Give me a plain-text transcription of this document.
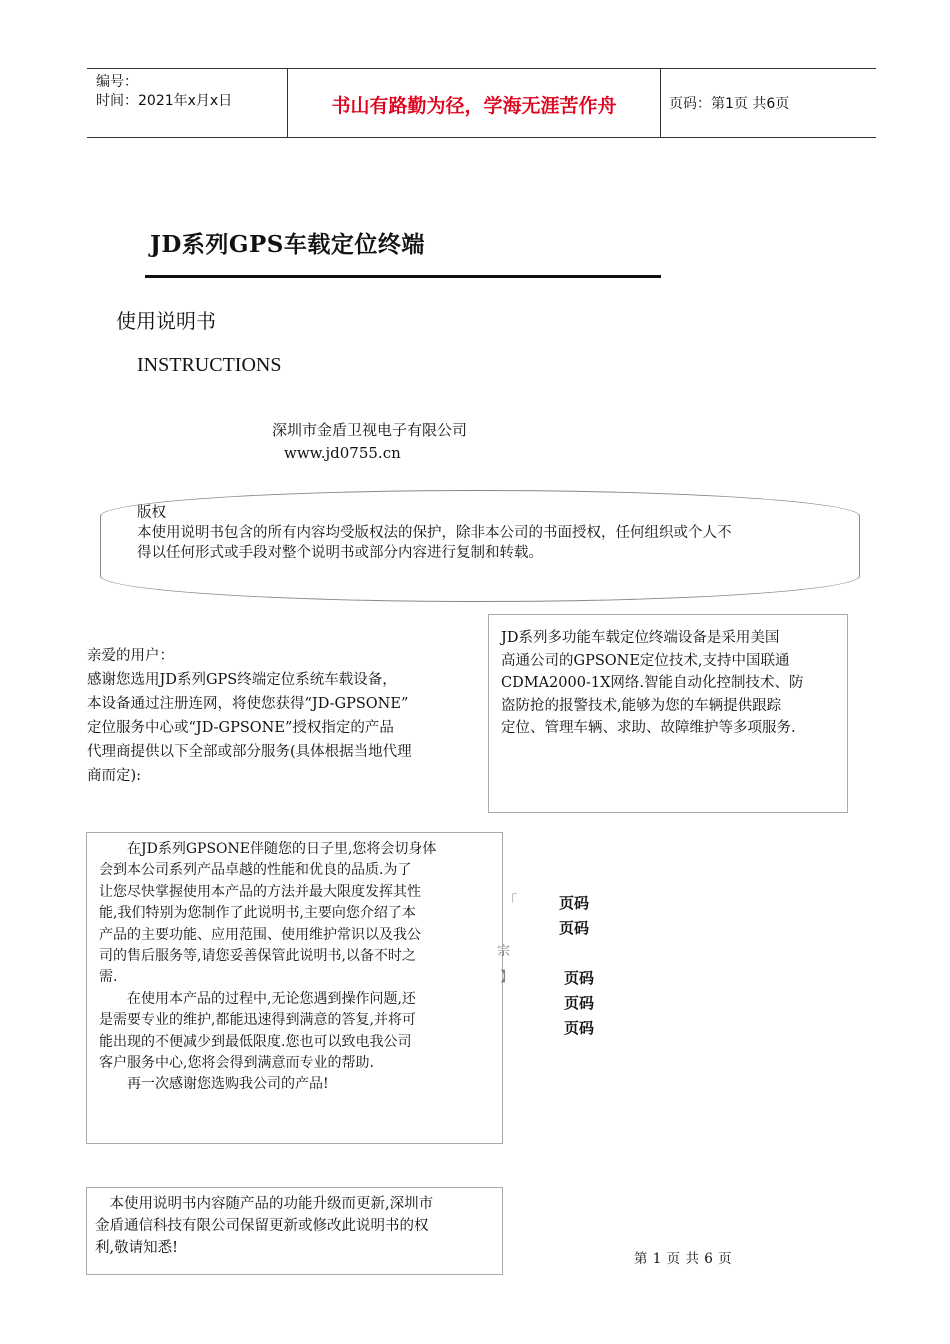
编号：
时间：2021年x月x日	书山有路勤为径，学海无涯苦作舟	页码：第1页 共6页
JD系列GPS车载定位终端
使用说明书
INSTRUCTIONS
深圳市金盾卫视电子有限公司
www.jd0755.cn
版权
本使用说明书包含的所有内容均受版权法的保护，除非本公司的书面授权，任何组织或个人不
得以任何形式或手段对整个说明书或部分内容进行复制和转载。
亲爱的用户：
感谢您选用JD系列GPS终端定位系统车载设备，
本设备通过注册连网，将使您获得“JD-GPSONE”
定位服务中心或“JD-GPSONE”授权指定的产品
代理商提供以下全部或部分服务(具体根据当地代理
商而定):
JD系列多功能车载定位终端设备是采用美国
高通公司的GPSONE定位技术,支持中国联通
CDMA2000-1X网络.智能自动化控制技术、防
盗防抢的报警技术,能够为您的车辆提供跟踪
定位、管理车辆、求助、故障维护等多项服务.
　　在JD系列GPSONE伴随您的日子里,您将会切身体
会到本公司系列产品卓越的性能和优良的品质.为了
让您尽快掌握使用本产品的方法并最大限度发挥其性
能,我们特别为您制作了此说明书,主要向您介绍了本
产品的主要功能、应用范围、使用维护常识以及我公
司的售后服务等,请您妥善保管此说明书,以备不时之
需.
　　在使用本产品的过程中,无论您遇到操作问题,还
是需要专业的维护,都能迅速得到满意的答复,并将可
能出现的不便减少到最低限度.您也可以致电我公司
客户服务中心,您将会得到满意而专业的帮助.
　　再一次感谢您选购我公司的产品!
「
宗
】
页码
页码
页码
页码
页码
　本使用说明书内容随产品的功能升级而更新,深圳市
金盾通信科技有限公司保留更新或修改此说明书的权
利,敬请知悉!
第 1 页 共 6 页
